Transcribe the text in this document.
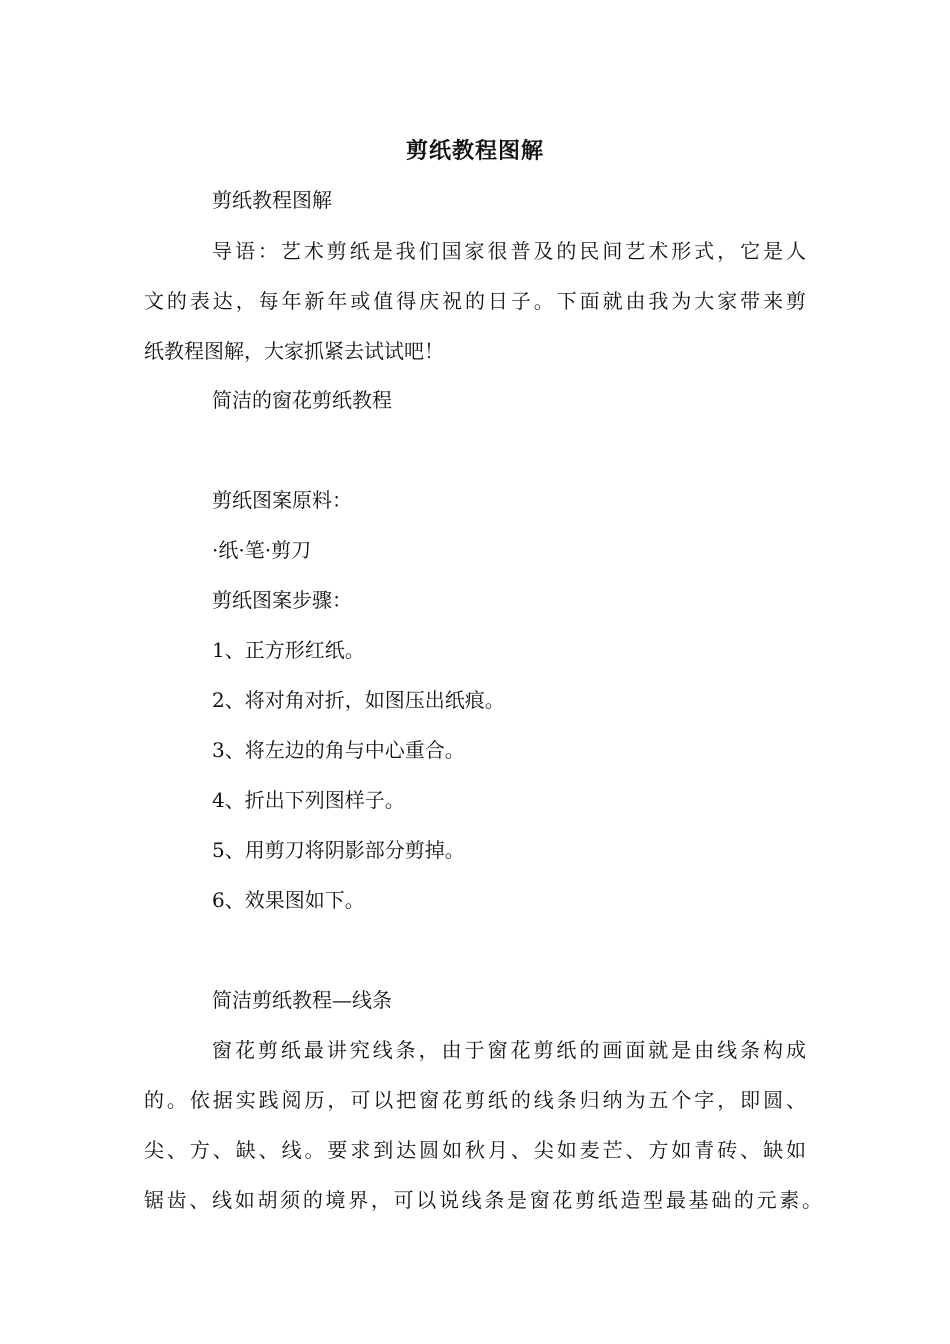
剪纸教程图解
剪纸教程图解
导语：艺术剪纸是我们国家很普及的民间艺术形式，它是人
文的表达，每年新年或值得庆祝的日子。下面就由我为大家带来剪
纸教程图解，大家抓紧去试试吧！
简洁的窗花剪纸教程
剪纸图案原料：
·纸·笔·剪刀
剪纸图案步骤：
1、正方形红纸。
2、将对角对折，如图压出纸痕。
3、将左边的角与中心重合。
4、折出下列图样子。
5、用剪刀将阴影部分剪掉。
6、效果图如下。
简洁剪纸教程—线条
窗花剪纸最讲究线条，由于窗花剪纸的画面就是由线条构成
的。依据实践阅历，可以把窗花剪纸的线条归纳为五个字，即圆、
尖、方、缺、线。要求到达圆如秋月、尖如麦芒、方如青砖、缺如
锯齿、线如胡须的境界，可以说线条是窗花剪纸造型最基础的元素。
